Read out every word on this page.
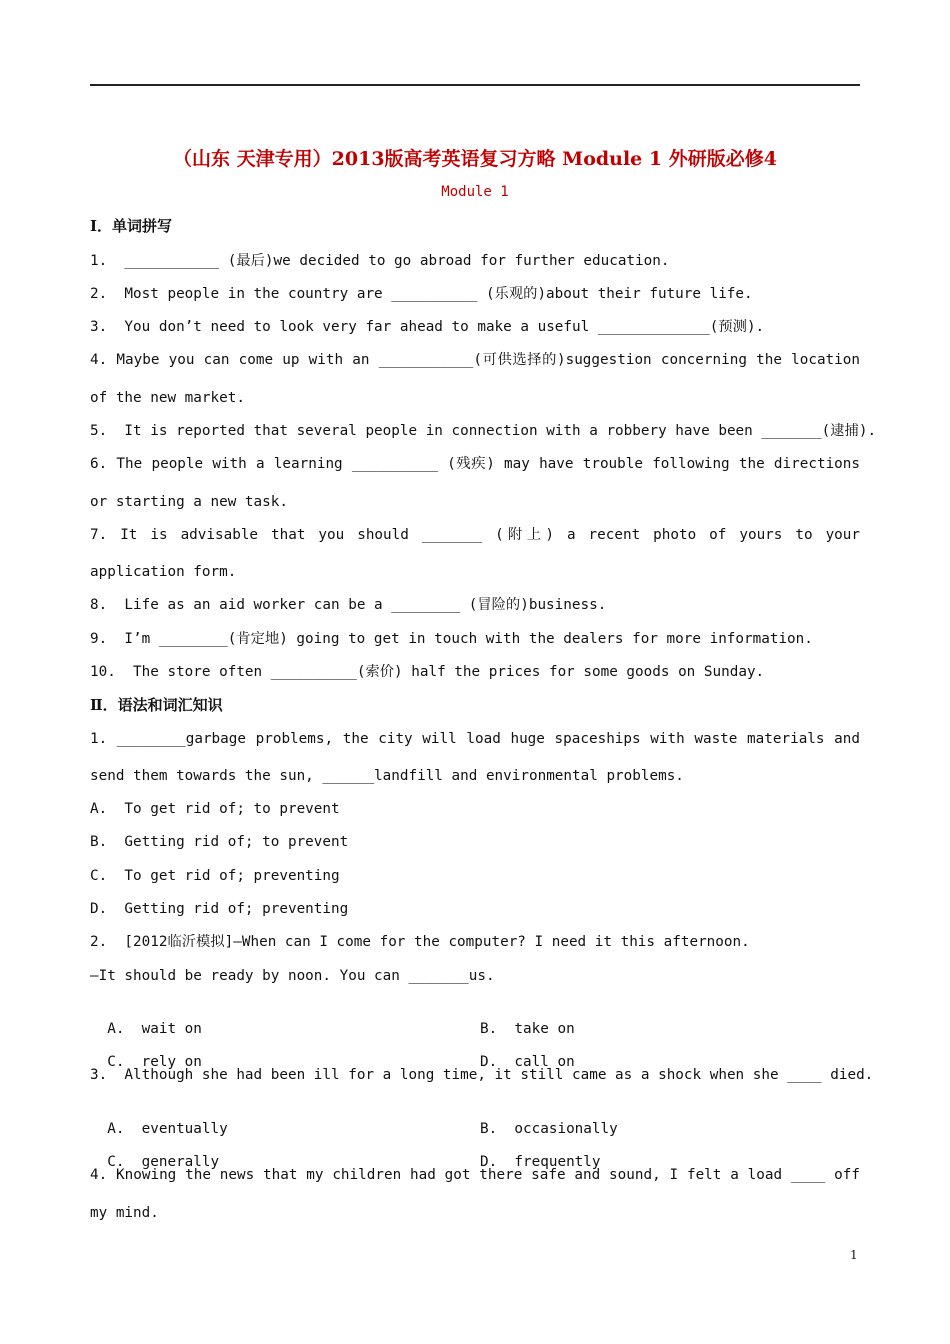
（山东 天津专用）2013版高考英语复习方略 Module 1 外研版必修4
Module 1
Ⅰ．单词拼写
1.  ___________ (最后)we decided to go abroad for further education.
2.  Most people in the country are __________ (乐观的)about their future life.
3.  You don’t need to look very far ahead to make a useful _____________(预测).
4. Maybe you can come up with an ___________(可供选择的)suggestion concerning the location
of the new market.
5.  It is reported that several people in connection with a robbery have been _______(逮捕).
6. The people with a learning __________ (残疾) may have trouble following the directions
or starting a new task.
7. It is advisable that you should _______ (附上) a recent photo of yours to your
application form.
8.  Life as an aid worker can be a ________ (冒险的)business.
9.  I’m ________(肯定地) going to get in touch with the dealers for more information.
10.  The store often __________(索价) half the prices for some goods on Sunday.
Ⅱ．语法和词汇知识
1. ________garbage problems, the city will load huge spaceships with waste materials and
send them towards the sun, ______landfill and environmental problems.
A.  To get rid of; to prevent
B.  Getting rid of; to prevent
C.  To get rid of; preventing
D.  Getting rid of; preventing
2.  [2012临沂模拟]—When can I come for the computer? I need it this afternoon.
—It should be ready by noon. You can _______us.

A.  wait on	B.  take on

C.  rely on	D.  call on

3.  Although she had been ill for a long time, it still came as a shock when she ____ died.

A.  eventually	B.  occasionally

C.  generally	D.  frequently

4. Knowing the news that my children had got there safe and sound, I felt a load ____ off
my mind.
1
